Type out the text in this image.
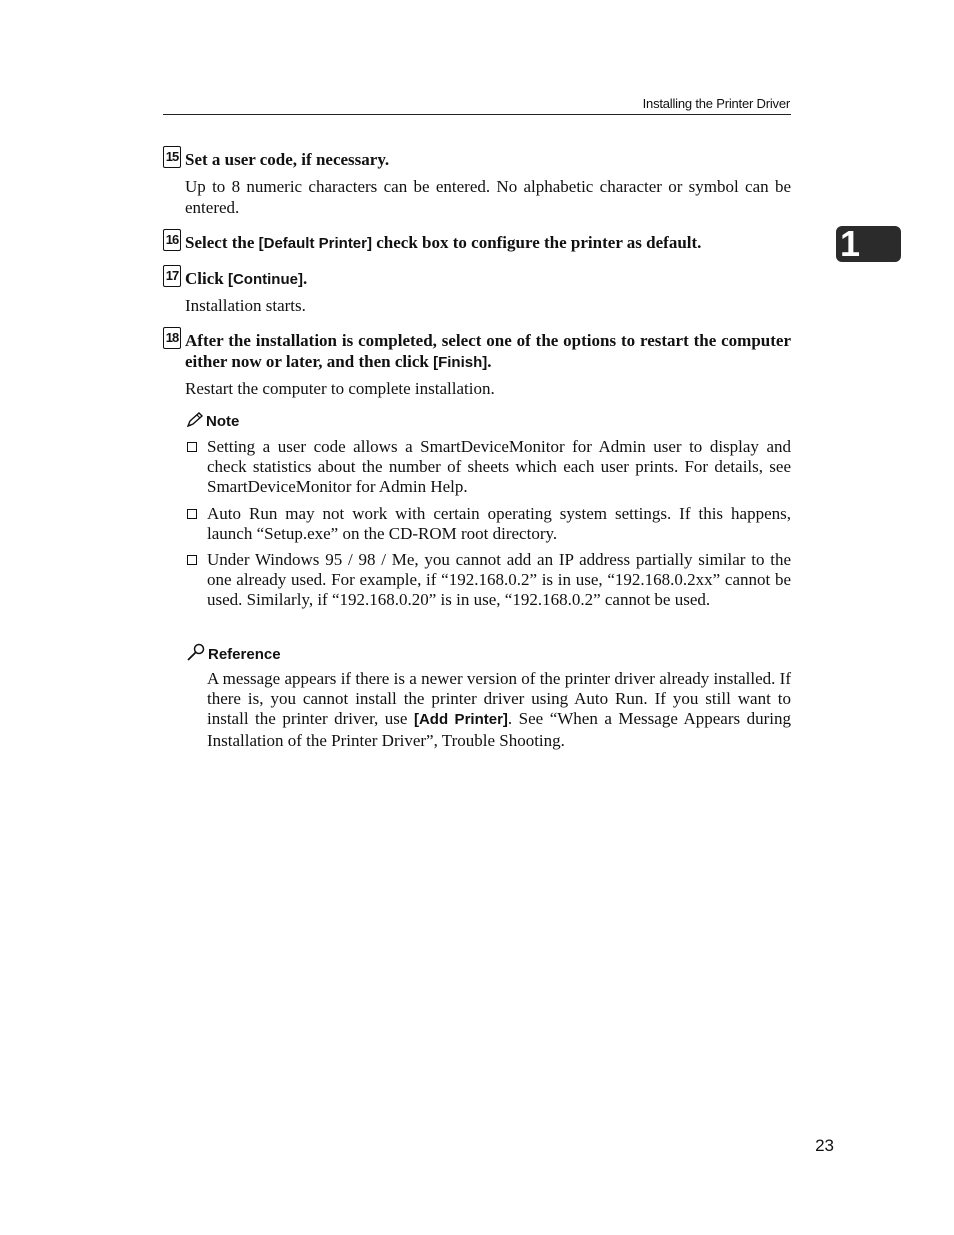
Installing the Printer Driver
1
15 Set a user code, if necessary.
Up to 8 numeric characters can be entered. No alphabetic character or symbol can be entered.
16 Select the [Default Printer] check box to configure the printer as default.
17 Click [Continue].
Installation starts.
18 After the installation is completed, select one of the options to restart the computer either now or later, and then click [Finish].
Restart the computer to complete installation.
Note
Setting a user code allows a SmartDeviceMonitor for Admin user to display and check statistics about the number of sheets which each user prints. For details, see SmartDeviceMonitor for Admin Help.
Auto Run may not work with certain operating system settings. If this happens, launch “Setup.exe” on the CD-ROM root directory.
Under Windows 95 / 98 / Me, you cannot add an IP address partially similar to the one already used. For example, if “192.168.0.2” is in use, “192.168.0.2xx” cannot be used. Similarly, if “192.168.0.20” is in use, “192.168.0.2” cannot be used.
Reference
A message appears if there is a newer version of the printer driver already installed. If there is, you cannot install the printer driver using Auto Run. If you still want to install the printer driver, use [Add Printer]. See “When a Message Appears during Installation of the Printer Driver”, Trouble Shooting.
23
